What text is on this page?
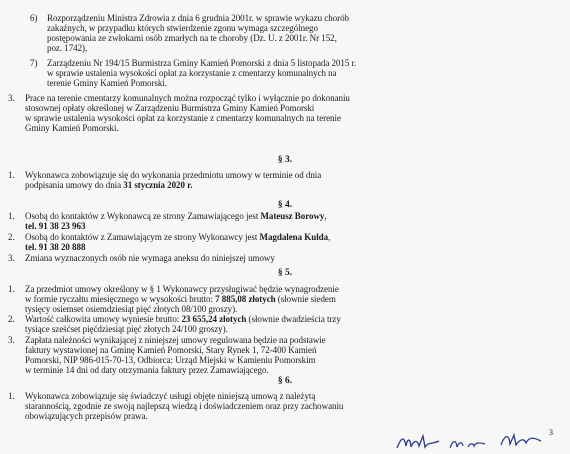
6) Rozporządzeniu Ministra Zdrowia z dnia 6 grudnia 2001r. w sprawie wykazu chorób
zakaźnych, w przypadku których stwierdzenie zgonu wymaga szczególnego
postępowania ze zwłokami osób zmarłych na te choroby (Dz. U. z 2001r. Nr 152,
poz. 1742),
7) Zarządzeniu Nr 194/15 Burmistrza Gminy Kamień Pomorski z dnia 5 listopada 2015 r.
w sprawie ustalenia wysokości opłat za korzystanie z cmentarzy komunalnych na
terenie Gminy Kamień Pomorski.
3. Prace na terenie cmentarzy komunalnych można rozpocząć tylko i wyłącznie po dokonaniu
stosownej opłaty określonej w Zarządzeniu Burmistrza Gminy Kamień Pomorski
w sprawie ustalenia wysokości opłat za korzystanie z cmentarzy komunalnych na terenie
Gminy Kamień Pomorski.
§ 3.
1. Wykonawca zobowiązuje się do wykonania przedmiotu umowy w terminie od dnia
podpisania umowy do dnia 31 stycznia 2020 r.
§ 4.
1. Osobą do kontaktów z Wykonawcą ze strony Zamawiającego jest Mateusz Borowy,
tel. 91 38 23 963
2. Osobą do kontaktów z Zamawiającym ze strony Wykonawcy jest Magdalena Kulda,
tel. 91 38 20 888
3. Zmiana wyznaczonych osób nie wymaga aneksu do niniejszej umowy
§ 5.
1. Za przedmiot umowy określony w § 1 Wykonawcy przysługiwać będzie wynagrodzenie
w formie ryczałtu miesięcznego w wysokości brutto: 7 885,08 złotych (słownie siedem
tysięcy osiemset osiemdziesiąt pięć złotych 08/100 groszy).
2. Wartość całkowita umowy wyniesie brutto: 23 655,24 złotych (słownie dwadzieścia trzy
tysiące sześćset pięćdziesiąt pięć złotych 24/100 groszy).
3. Zapłata należności wynikającej z niniejszej umowy regulowana będzie na podstawie
faktury wystawionej na Gminę Kamień Pomorski, Stary Rynek 1, 72-400 Kamień
Pomorski, NIP 986-015-70-13, Odbiorca: Urząd Miejski w Kamieniu Pomorskim
w terminie 14 dni od daty otrzymania faktury przez Zamawiającego.
3
§ 6.
1. Wykonawca zobowiązuje się świadczyć usługi objęte niniejszą umową z należytą
starannością, zgodnie ze swoją najlepszą wiedzą i doświadczeniem oraz przy zachowaniu
obowiązujących przepisów prawa.
